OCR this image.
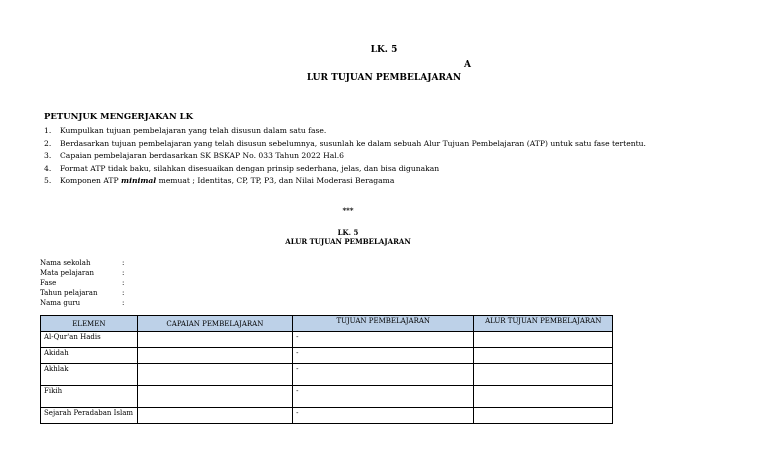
LK. 5
A
LUR TUJUAN PEMBELAJARAN
PETUNJUK MENGERJAKAN LK
1. Kumpulkan tujuan pembelajaran yang telah disusun dalam satu fase.
2. Berdasarkan tujuan pembelajaran yang telah disusun sebelumnya, susunlah ke dalam sebuah Alur Tujuan Pembelajaran (ATP) untuk satu fase tertentu.
3. Capaian pembelajaran berdasarkan SK BSKAP No. 033 Tahun 2022 Hal.6
4. Format ATP tidak baku, silahkan disesuaikan dengan prinsip sederhana, jelas, dan bisa digunakan
5. Komponen ATP minimal memuat ; Identitas, CP, TP, P3, dan Nilai Moderasi Beragama
***
LK. 5
ALUR TUJUAN PEMBELAJARAN
Nama sekolah	:
Mata pelajaran	:
Fase	:
Tahun pelajaran	:
Nama guru	:
ELEMEN	CAPAIAN PEMBELAJARAN	TUJUAN PEMBELAJARAN	ALUR TUJUAN PEMBELAJARAN
Al-Qur'an Hadis		-	
Akidah		-	
Akhlak		-	
Fikih		-	
Sejarah Peradaban Islam		-	
